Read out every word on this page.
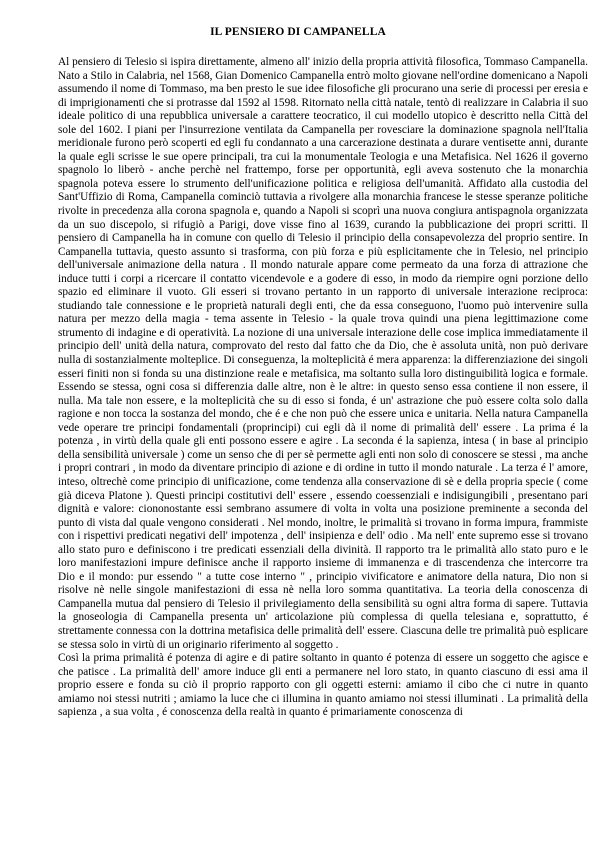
IL PENSIERO DI CAMPANELLA

Al pensiero di Telesio si ispira direttamente, almeno all' inizio della propria attività filosofica, Tommaso Campanella. Nato a Stilo in Calabria, nel 1568, Gian Domenico Campanella entrò molto giovane nell'ordine domenicano a Napoli assumendo il nome di Tommaso, ma ben presto le sue idee filosofiche gli procurano una serie di processi per eresia e di imprigionamenti che si protrasse dal 1592 al 1598. Ritornato nella città natale, tentò di realizzare in Calabria il suo ideale politico di una repubblica universale a carattere teocratico, il cui modello utopico è descritto nella Città del sole del 1602. I piani per l'insurrezione ventilata da Campanella per rovesciare la dominazione spagnola nell'Italia meridionale furono però scoperti ed egli fu condannato a una carcerazione destinata a durare ventisette anni, durante la quale egli scrisse le sue opere principali, tra cui la monumentale Teologia e una Metafisica. Nel 1626 il governo spagnolo lo liberò - anche perchè nel frattempo, forse per opportunità, egli aveva sostenuto che la monarchia spagnola poteva essere lo strumento dell'unificazione politica e religiosa dell'umanità. Affidato alla custodia del Sant'Uffizio di Roma, Campanella cominciò tuttavia a rivolgere alla monarchia francese le stesse speranze politiche rivolte in precedenza alla corona spagnola e, quando a Napoli si scoprì una nuova congiura antispagnola organizzata da un suo discepolo, si rifugiò a Parigi, dove visse fino al 1639, curando la pubblicazione dei propri scritti. Il pensiero di Campanella ha in comune con quello di Telesio il principio della consapevolezza del proprio sentire. In Campanella tuttavia, questo assunto si trasforma, con più forza e più esplicitamente che in Telesio, nel principio dell'universale animazione della natura . Il mondo naturale appare come permeato da una forza di attrazione che induce tutti i corpi a ricercare il contatto vicendevole e a godere di esso, in modo da riempire ogni porzione dello spazio ed eliminare il vuoto. Gli esseri si trovano pertanto in un rapporto di universale interazione reciproca: studiando tale connessione e le proprietà naturali degli enti, che da essa conseguono, l'uomo può intervenire sulla natura per mezzo della magia - tema assente in Telesio - la quale trova quindi una piena legittimazione come strumento di indagine e di operatività. La nozione di una universale interazione delle cose implica immediatamente il principio dell' unità della natura, comprovato del resto dal fatto che da Dio, che è assoluta unità, non può derivare nulla di sostanzialmente molteplice. Di conseguenza, la molteplicità é mera apparenza: la differenziazione dei singoli esseri finiti non si fonda su una distinzione reale e metafisica, ma soltanto sulla loro distinguibilità logica e formale. Essendo se stessa, ogni cosa si differenzia dalle altre, non è le altre: in questo senso essa contiene il non essere, il nulla. Ma tale non essere, e la molteplicità che su di esso si fonda, é un' astrazione che può essere colta solo dalla ragione e non tocca la sostanza del mondo, che é e che non può che essere unica e unitaria. Nella natura Campanella vede operare tre principi fondamentali (proprincipi) cui egli dà il nome di primalità dell' essere . La prima é la potenza , in virtù della quale gli enti possono essere e agire . La seconda é la sapienza, intesa ( in base al principio della sensibilità universale ) come un senso che di per sè permette agli enti non solo di conoscere se stessi , ma anche i propri contrari , in modo da diventare principio di azione e di ordine in tutto il mondo naturale . La terza é l' amore, inteso, oltrechè come principio di unificazione, come tendenza alla conservazione di sè e della propria specie ( come già diceva Platone ). Questi principi costitutivi dell' essere , essendo coessenziali e indisigungibili , presentano pari dignità e valore: ciononostante essi sembrano assumere di volta in volta una posizione preminente a seconda del punto di vista dal quale vengono considerati . Nel mondo, inoltre, le primalità si trovano in forma impura, frammiste con i rispettivi predicati negativi dell' impotenza , dell' insipienza e dell' odio . Ma nell' ente supremo esse si trovano allo stato puro e definiscono i tre predicati essenziali della divinità. Il rapporto tra le primalità allo stato puro e le loro manifestazioni impure definisce anche il rapporto insieme di immanenza e di trascendenza che intercorre tra Dio e il mondo: pur essendo " a tutte cose interno " , principio vivificatore e animatore della natura, Dio non si risolve nè nelle singole manifestazioni di essa nè nella loro somma quantitativa. La teoria della conoscenza di Campanella mutua dal pensiero di Telesio il privilegiamento della sensibilità su ogni altra forma di sapere. Tuttavia la gnoseologia di Campanella presenta un' articolazione più complessa di quella telesiana e, soprattutto, é strettamente connessa con la dottrina metafisica delle primalità dell' essere. Ciascuna delle tre primalità può esplicare se stessa solo in virtù di un originario riferimento al soggetto .

Così la prima primalità é potenza di agire e di patire soltanto in quanto é potenza di essere un soggetto che agisce e che patisce . La primalità dell' amore induce gli enti a permanere nel loro stato, in quanto ciascuno di essi ama il proprio essere e fonda su ciò il proprio rapporto con gli oggetti esterni: amiamo il cibo che ci nutre in quanto amiamo noi stessi nutriti ; amiamo la luce che ci illumina in quanto amiamo noi stessi illuminati . La primalità della sapienza , a sua volta , é conoscenza della realtà in quanto é primariamente conoscenza di
